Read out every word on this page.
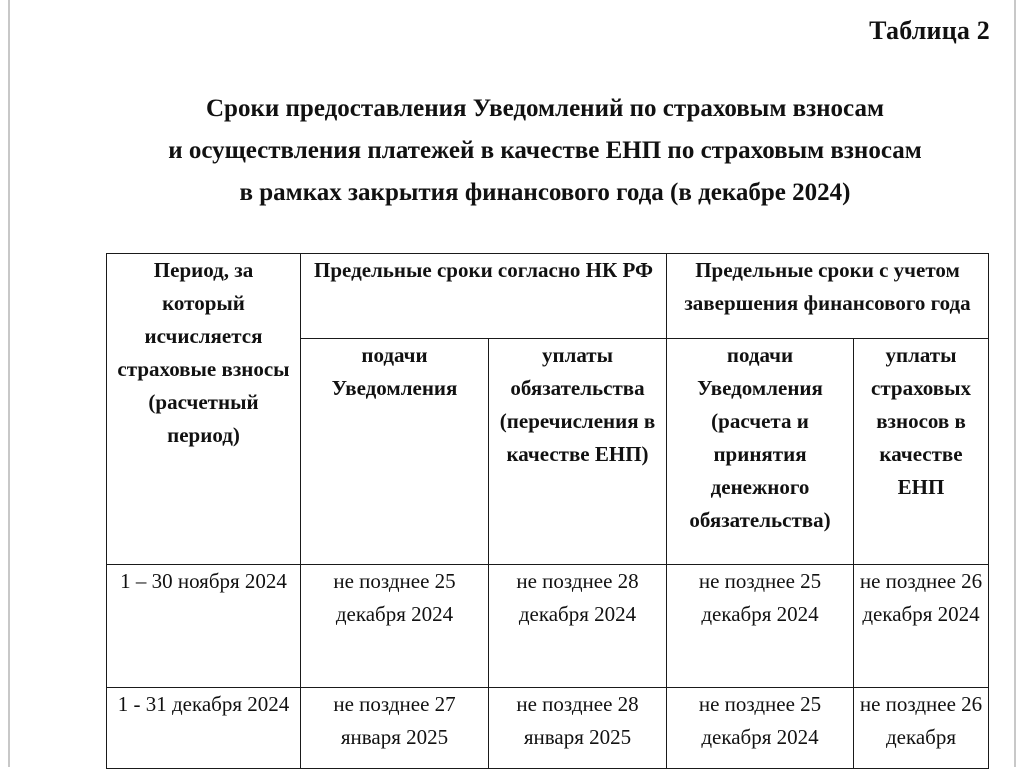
Таблица 2
Сроки предоставления Уведомлений по страховым взносам
и осуществления платежей в качестве ЕНП по страховым взносам
в рамках закрытия финансового года (в декабре 2024)
Период, за который исчисляется страховые взносы (расчетный период)	Предельные сроки согласно НК РФ		Предельные сроки с учетом завершения финансового года	
	подачи Уведомления	уплаты обязательства (перечисления в качестве ЕНП)	подачи Уведомления (расчета и принятия денежного обязательства)	уплаты страховых взносов в качестве ЕНП
1 – 30 ноября 2024	не позднее 25 декабря 2024	не позднее 28 декабря 2024	не позднее 25 декабря 2024	не позднее 26 декабря 2024
1 - 31 декабря 2024	не позднее 27 января 2025	не позднее 28 января 2025	не позднее 25 декабря 2024	не позднее 26 декабря
